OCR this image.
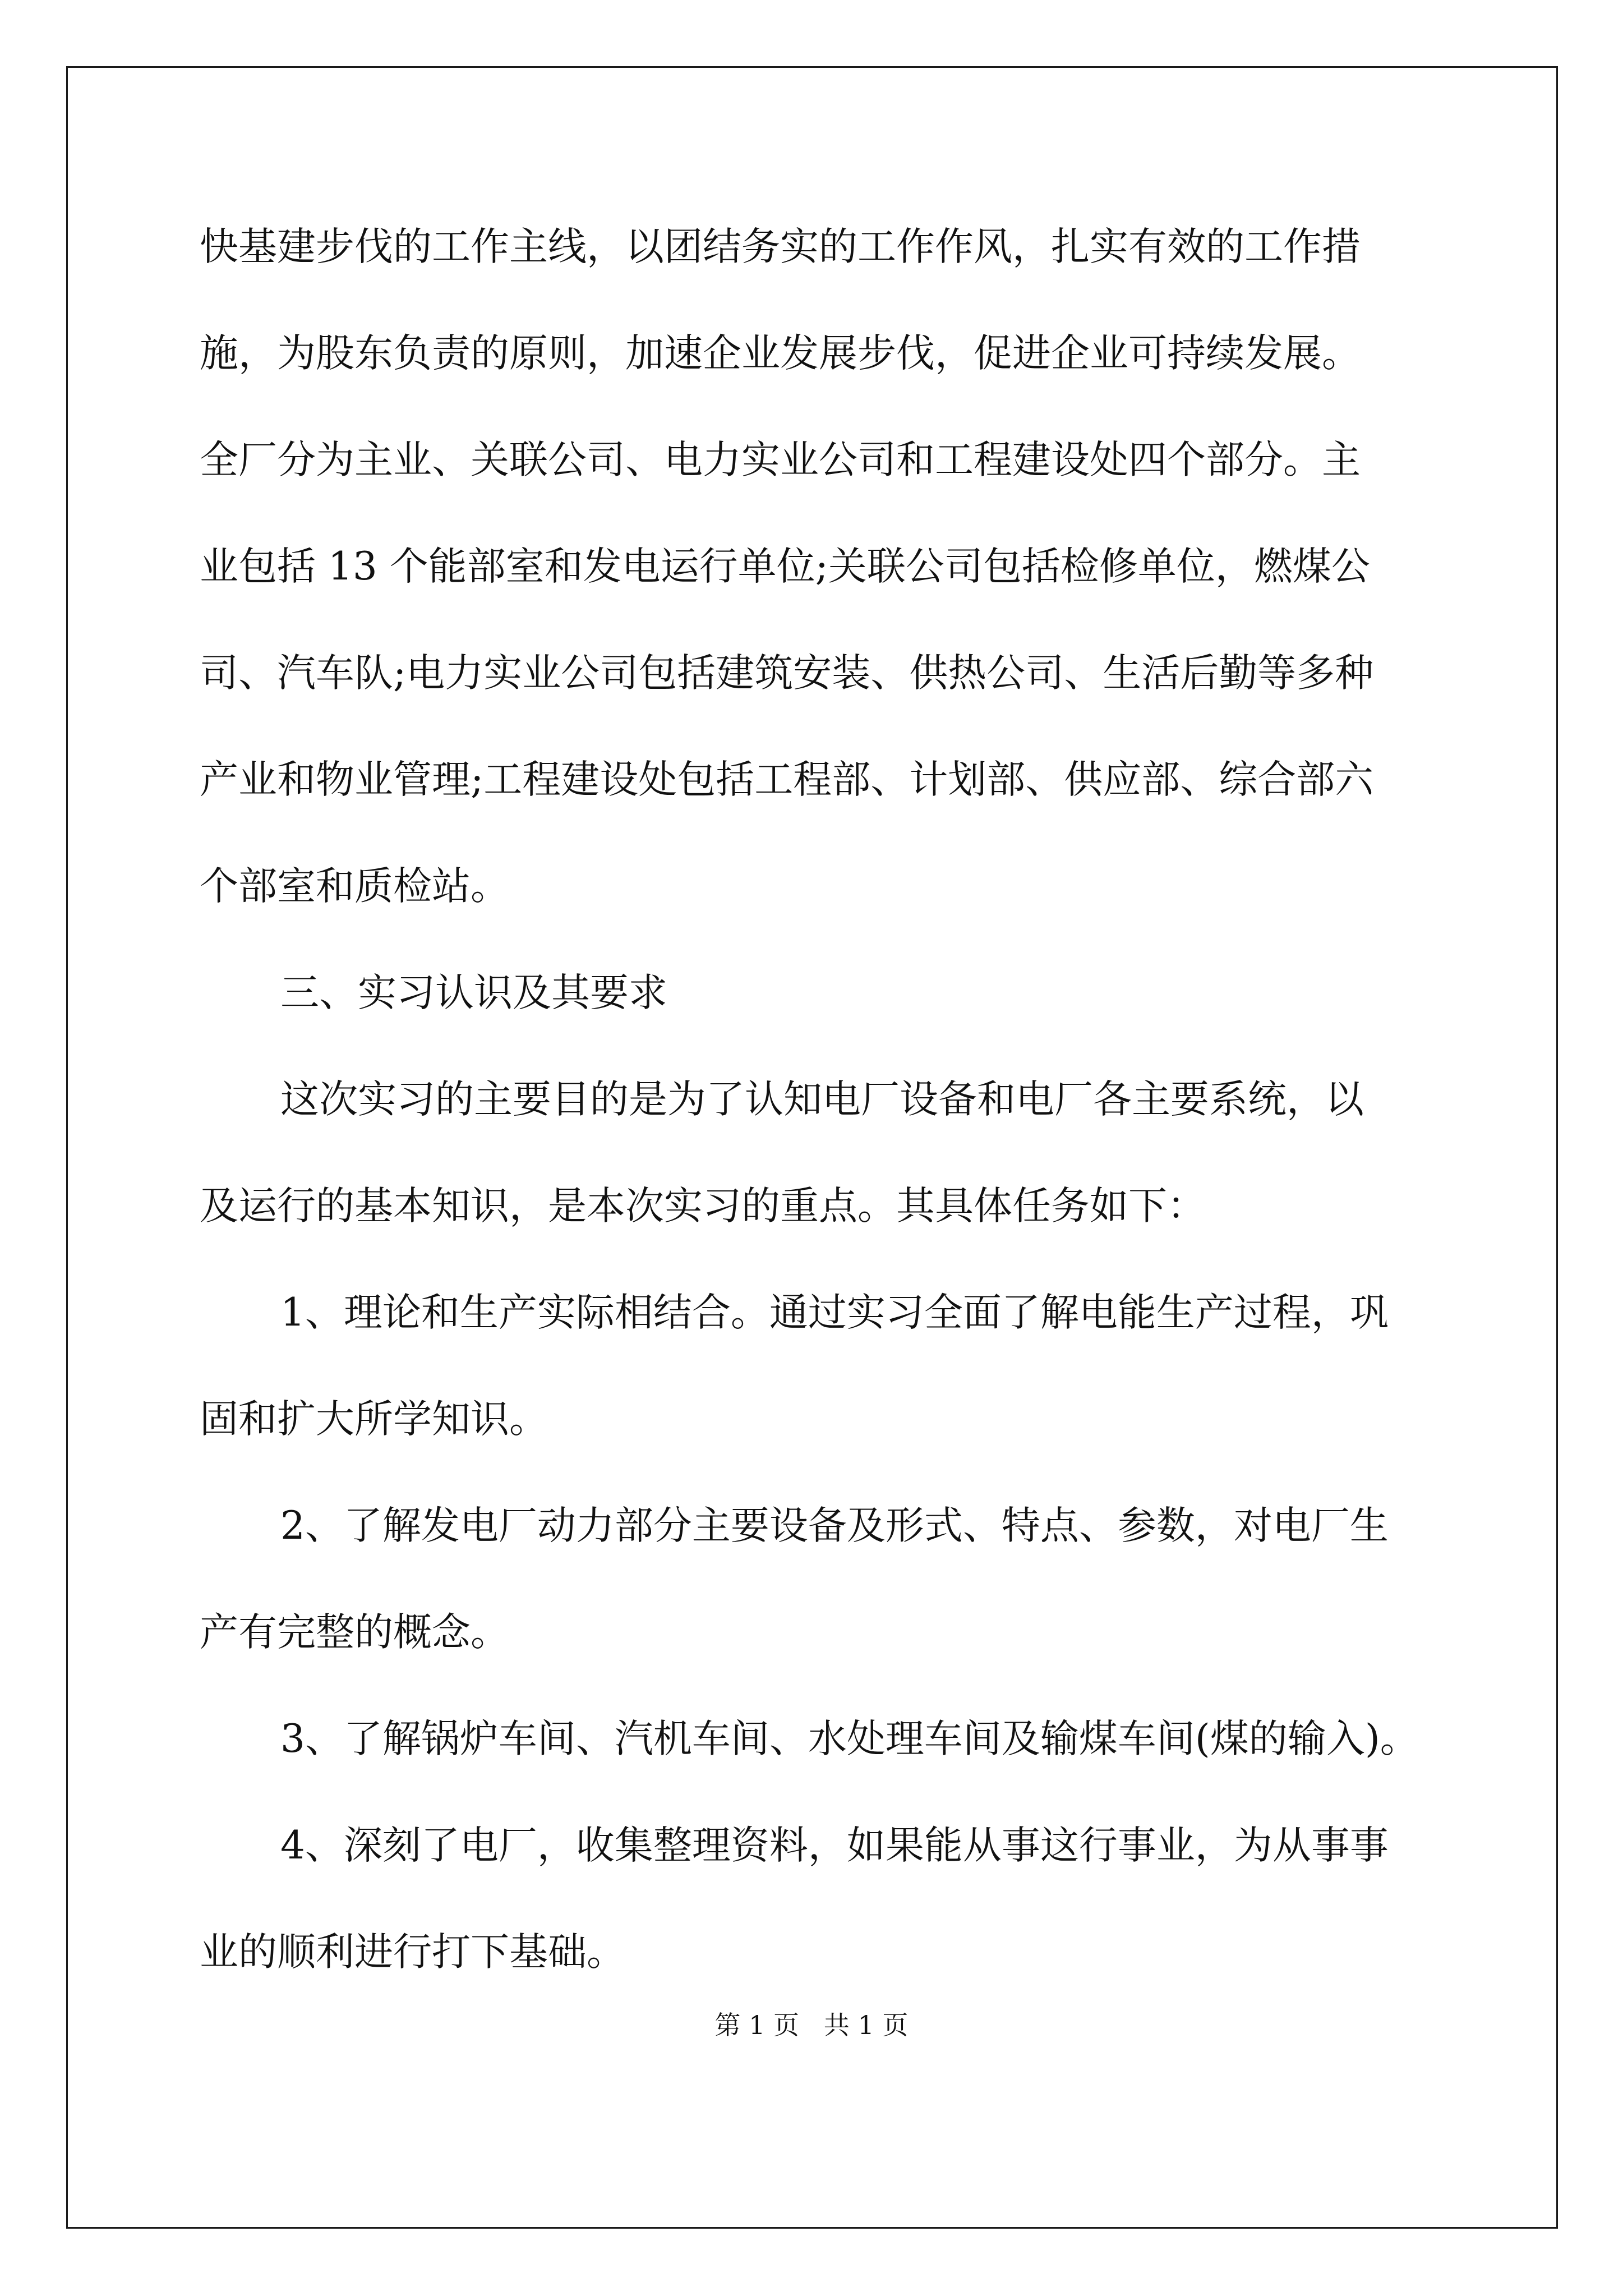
快基建步伐的工作主线，以团结务实的工作作风，扎实有效的工作措
施，为股东负责的原则，加速企业发展步伐，促进企业可持续发展。
全厂分为主业、关联公司、电力实业公司和工程建设处四个部分。主
业包括 13 个能部室和发电运行单位;关联公司包括检修单位，燃煤公
司、汽车队;电力实业公司包括建筑安装、供热公司、生活后勤等多种
产业和物业管理;工程建设处包括工程部、计划部、供应部、综合部六
个部室和质检站。
三、实习认识及其要求
这次实习的主要目的是为了认知电厂设备和电厂各主要系统，以
及运行的基本知识，是本次实习的重点。其具体任务如下：
1、理论和生产实际相结合。通过实习全面了解电能生产过程，巩
固和扩大所学知识。
2、了解发电厂动力部分主要设备及形式、特点、参数，对电厂生
产有完整的概念。
3、了解锅炉车间、汽机车间、水处理车间及输煤车间(煤的输入)。
4、深刻了电厂，收集整理资料，如果能从事这行事业，为从事事
业的顺利进行打下基础。
第 1 页   共 1 页
